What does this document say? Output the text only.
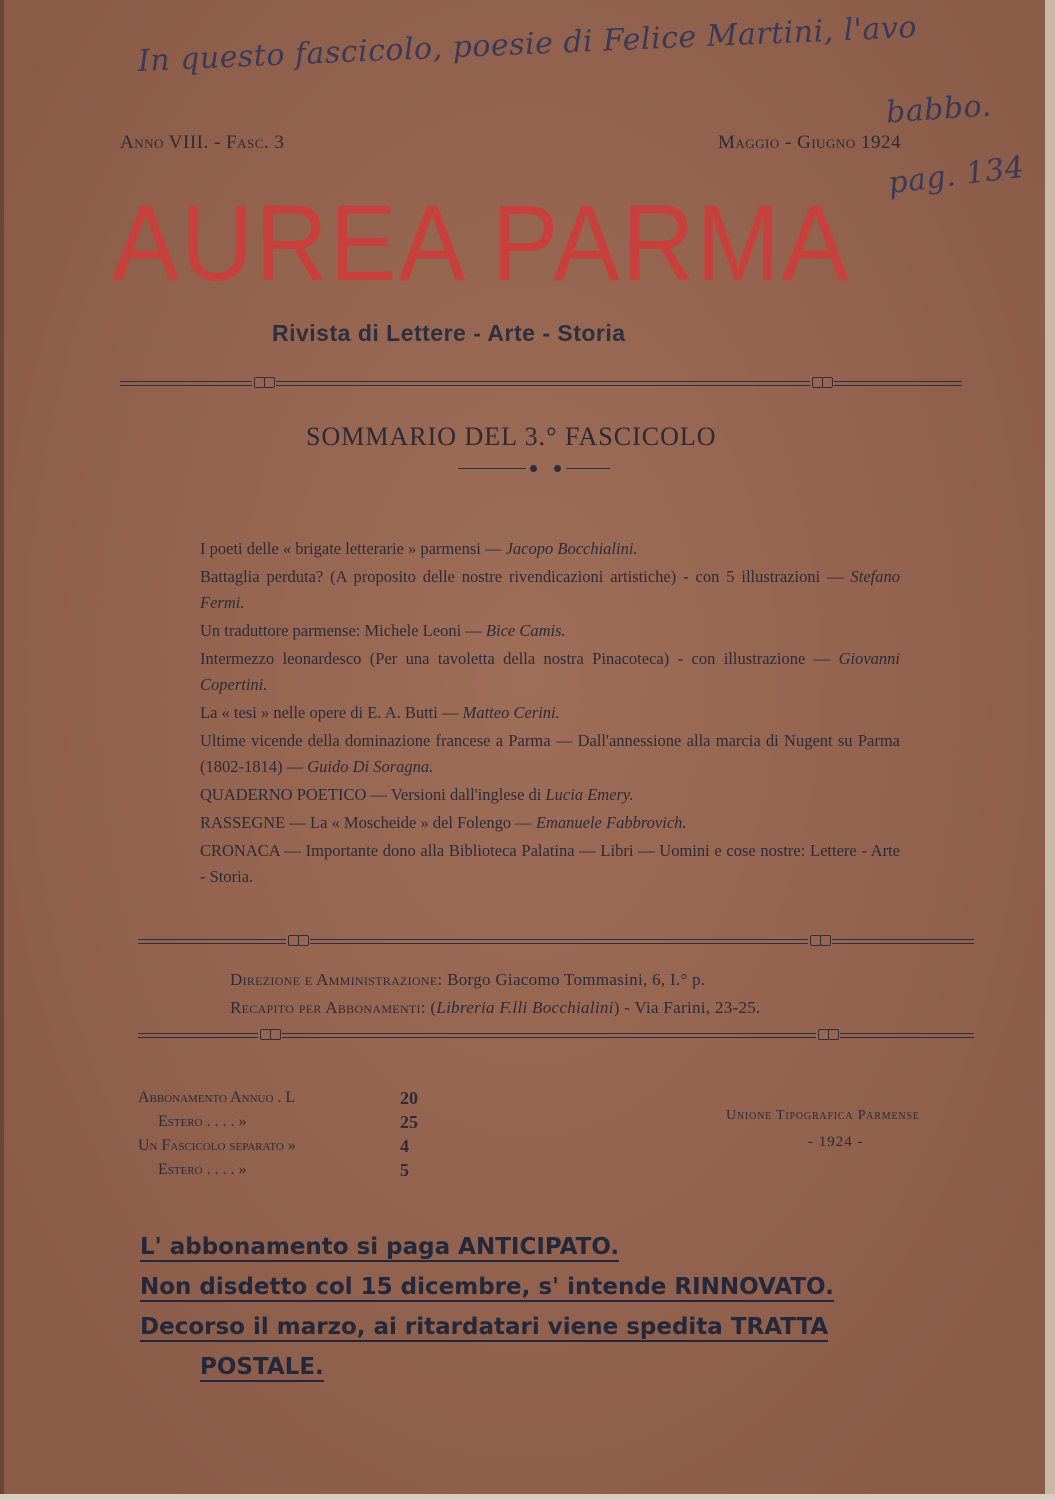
In questo fascicolo, poesie di Felice Martini, l'avo
babbo.
pag. 134
Anno VIII. - Fasc. 3	Maggio - Giugno 1924
AUREA PARMA
Rivista di Lettere - Arte - Storia
SOMMARIO DEL 3.° FASCICOLO
I poeti delle « brigate letterarie » parmensi — Jacopo Bocchialini.
Battaglia perduta? (A proposito delle nostre rivendicazioni artistiche) - con 5 illustrazioni — Stefano Fermi.
Un traduttore parmense: Michele Leoni — Bice Camis.
Intermezzo leonardesco (Per una tavoletta della nostra Pinacoteca) - con illustrazione — Giovanni Copertini.
La « tesi » nelle opere di E. A. Butti — Matteo Cerini.
Ultime vicende della dominazione francese a Parma — Dall'annessione alla marcia di Nugent su Parma (1802-1814) — Guido Di Soragna.
QUADERNO POETICO — Versioni dall'inglese di Lucia Emery.
RASSEGNE — La « Moscheide » del Folengo — Emanuele Fabbrovich.
CRONACA — Importante dono alla Biblioteca Palatina — Libri — Uomini e cose nostre: Lettere - Arte - Storia.
Direzione e Amministrazione: Borgo Giacomo Tommasini, 6, I.° p.
Recapito per Abbonamenti: (Libreria F.lli Bocchialini) - Via Farini, 23-25.
Abbonamento Annuo . L	20
Estero . . . . »	25
Un Fascicolo separato »	4
Estero . . . . »	5
Unione Tipografica Parmense
- 1924 -
L' abbonamento si paga ANTICIPATO.
Non disdetto col 15 dicembre, s' intende RINNOVATO.
Decorso il marzo, ai ritardatari viene spedita TRATTA
POSTALE.
